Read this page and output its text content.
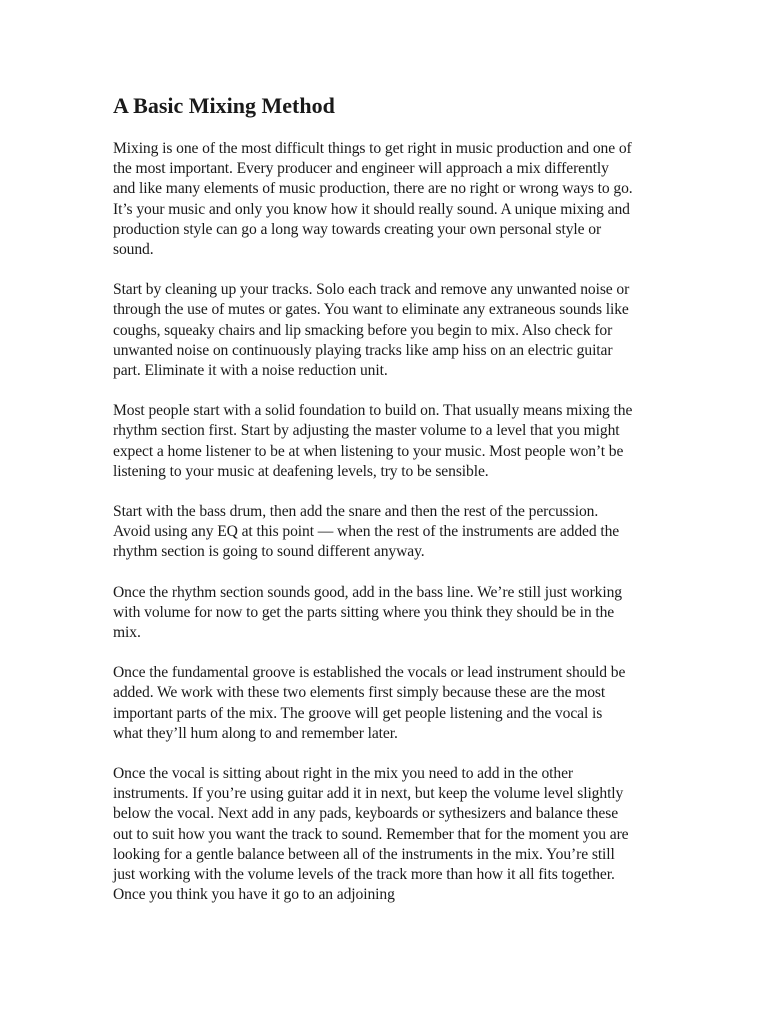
A Basic Mixing Method

Mixing is one of the most difficult things to get right in music production and one of the most important. Every producer and engineer will approach a mix differently and like many elements of music production, there are no right or wrong ways to go. It’s your music and only you know how it should really sound. A unique mixing and production style can go a long way towards creating your own personal style or sound.

Start by cleaning up your tracks. Solo each track and remove any unwanted noise or through the use of mutes or gates. You want to eliminate any extraneous sounds like coughs, squeaky chairs and lip smacking before you begin to mix. Also check for unwanted noise on continuously playing tracks like amp hiss on an electric guitar part. Eliminate it with a noise reduction unit.

Most people start with a solid foundation to build on. That usually means mixing the rhythm section first. Start by adjusting the master volume to a level that you might expect a home listener to be at when listening to your music. Most people won’t be listening to your music at deafening levels, try to be sensible.

Start with the bass drum, then add the snare and then the rest of the percussion. Avoid using any EQ at this point — when the rest of the instruments are added the rhythm section is going to sound different anyway.

Once the rhythm section sounds good, add in the bass line. We’re still just working with volume for now to get the parts sitting where you think they should be in the mix.

Once the fundamental groove is established the vocals or lead instrument should be added. We work with these two elements first simply because these are the most important parts of the mix. The groove will get people listening and the vocal is what they’ll hum along to and remember later.

Once the vocal is sitting about right in the mix you need to add in the other instruments. If you’re using guitar add it in next, but keep the volume level slightly below the vocal. Next add in any pads, keyboards or sythesizers and balance these out to suit how you want the track to sound. Remember that for the moment you are looking for a gentle balance between all of the instruments in the mix. You’re still just working with the volume levels of the track more than how it all fits together. Once you think you have it go to an adjoining
